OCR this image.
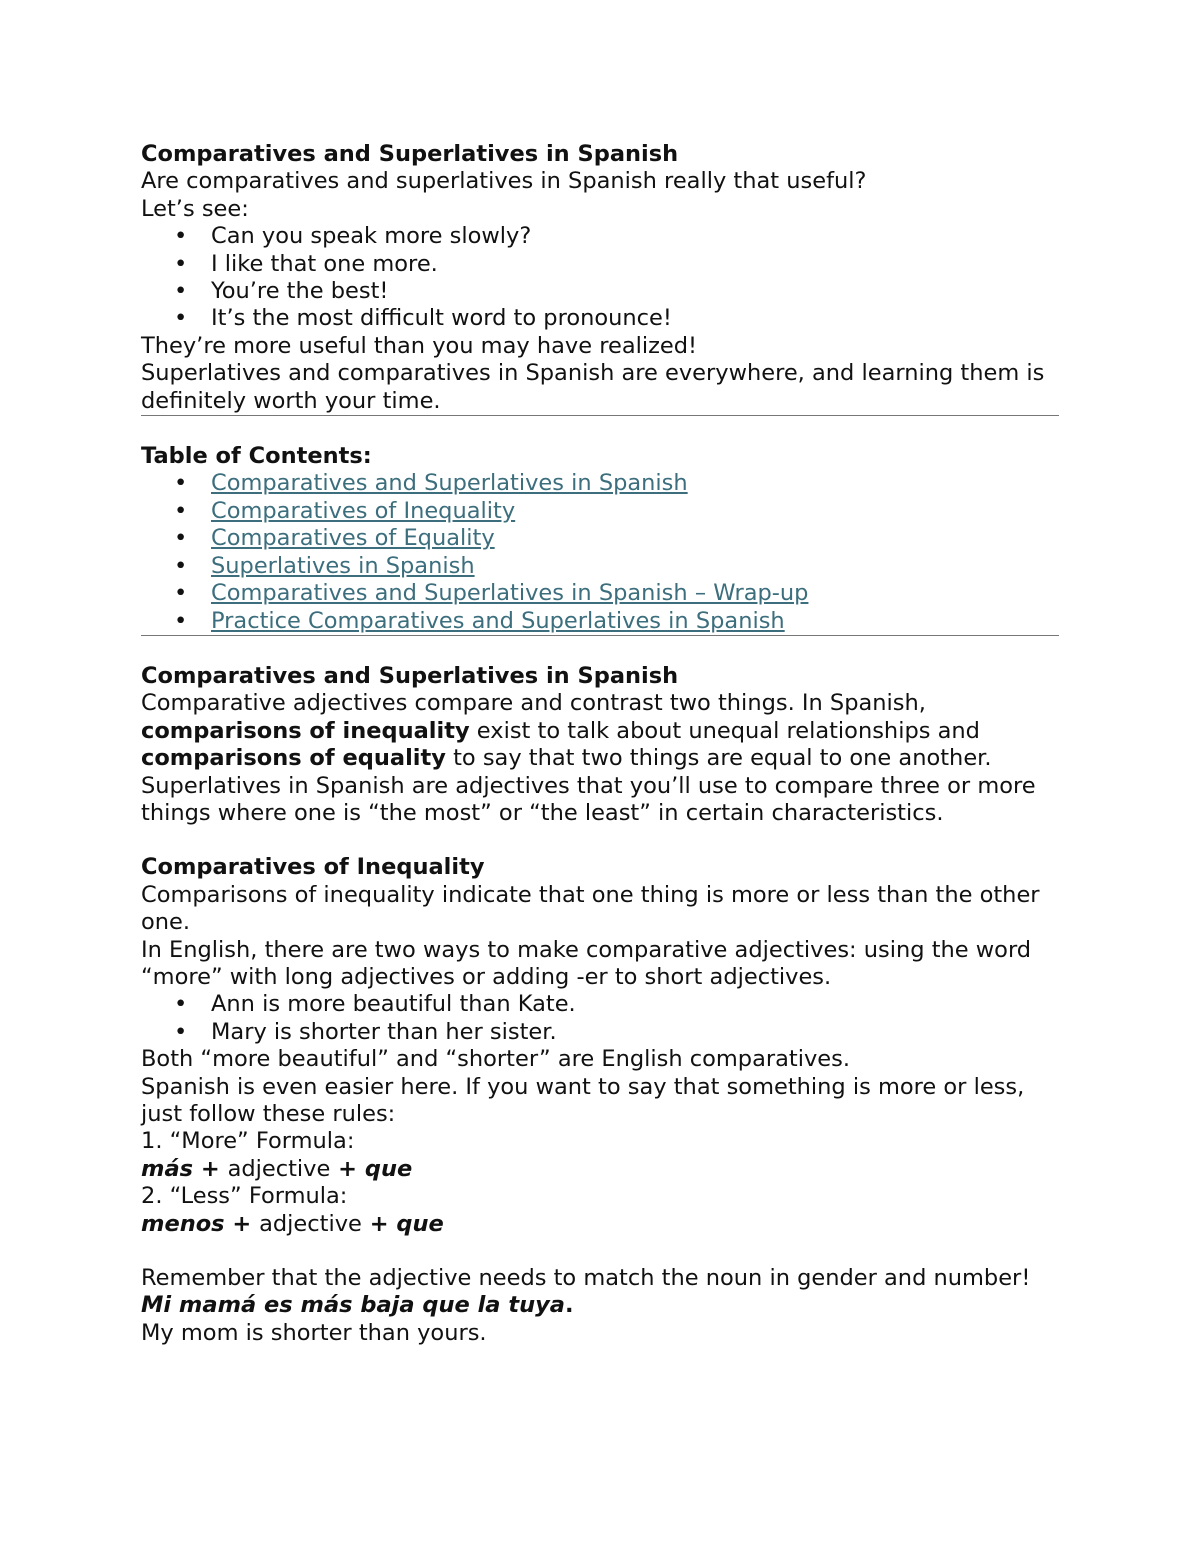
Comparatives and Superlatives in Spanish

Are comparatives and superlatives in Spanish really that useful?

Let’s see:

• Can you speak more slowly?
• I like that one more.
• You’re the best!
• It’s the most difficult word to pronounce!

They’re more useful than you may have realized!

Superlatives and comparatives in Spanish are everywhere, and learning them is definitely worth your time.

Table of Contents:

• Comparatives and Superlatives in Spanish
• Comparatives of Inequality
• Comparatives of Equality
• Superlatives in Spanish
• Comparatives and Superlatives in Spanish – Wrap-up
• Practice Comparatives and Superlatives in Spanish

Comparatives and Superlatives in Spanish

Comparative adjectives compare and contrast two things. In Spanish, comparisons of inequality exist to talk about unequal relationships and comparisons of equality to say that two things are equal to one another.

Superlatives in Spanish are adjectives that you’ll use to compare three or more things where one is “the most” or “the least” in certain characteristics.

Comparatives of Inequality

Comparisons of inequality indicate that one thing is more or less than the other one.

In English, there are two ways to make comparative adjectives: using the word “more” with long adjectives or adding -er to short adjectives.

• Ann is more beautiful than Kate.
• Mary is shorter than her sister.

Both “more beautiful” and “shorter” are English comparatives.

Spanish is even easier here. If you want to say that something is more or less, just follow these rules:

1. “More” Formula:

más + adjective + que

2. “Less” Formula:

menos + adjective + que

Remember that the adjective needs to match the noun in gender and number!

Mi mamá es más baja que la tuya.

My mom is shorter than yours.
